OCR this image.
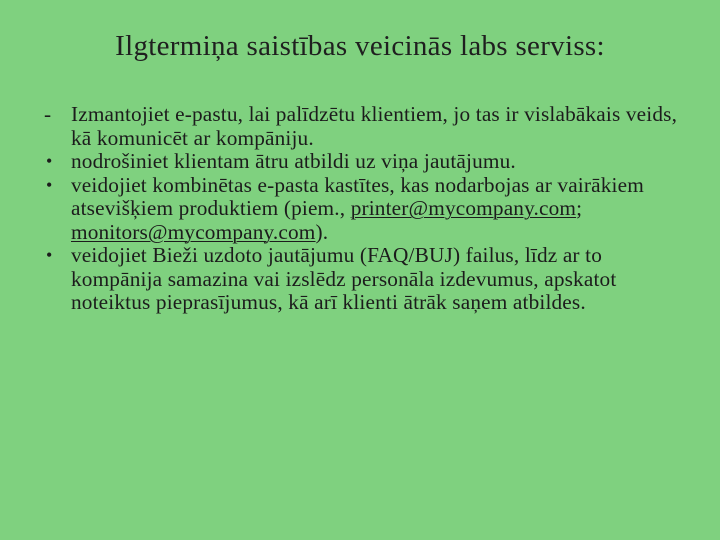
Ilgtermiņa saistības veicinās labs serviss:

- Izmantojiet e-pastu, lai palīdzētu klientiem, jo tas ir vislabākais veids, kā komunicēt ar kompāniju.

• nodrošiniet klientam ātru atbildi uz viņa jautājumu.

• veidojiet kombinētas e-pasta kastītes, kas nodarbojas ar vairākiem atsevišķiem produktiem (piem., printer@mycompany.com; monitors@mycompany.com).

• veidojiet Bieži uzdoto jautājumu (FAQ/BUJ) failus, līdz ar to kompānija samazina vai izslēdz personāla izdevumus, apskatot noteiktus pieprasījumus, kā arī klienti ātrāk saņem atbildes.
